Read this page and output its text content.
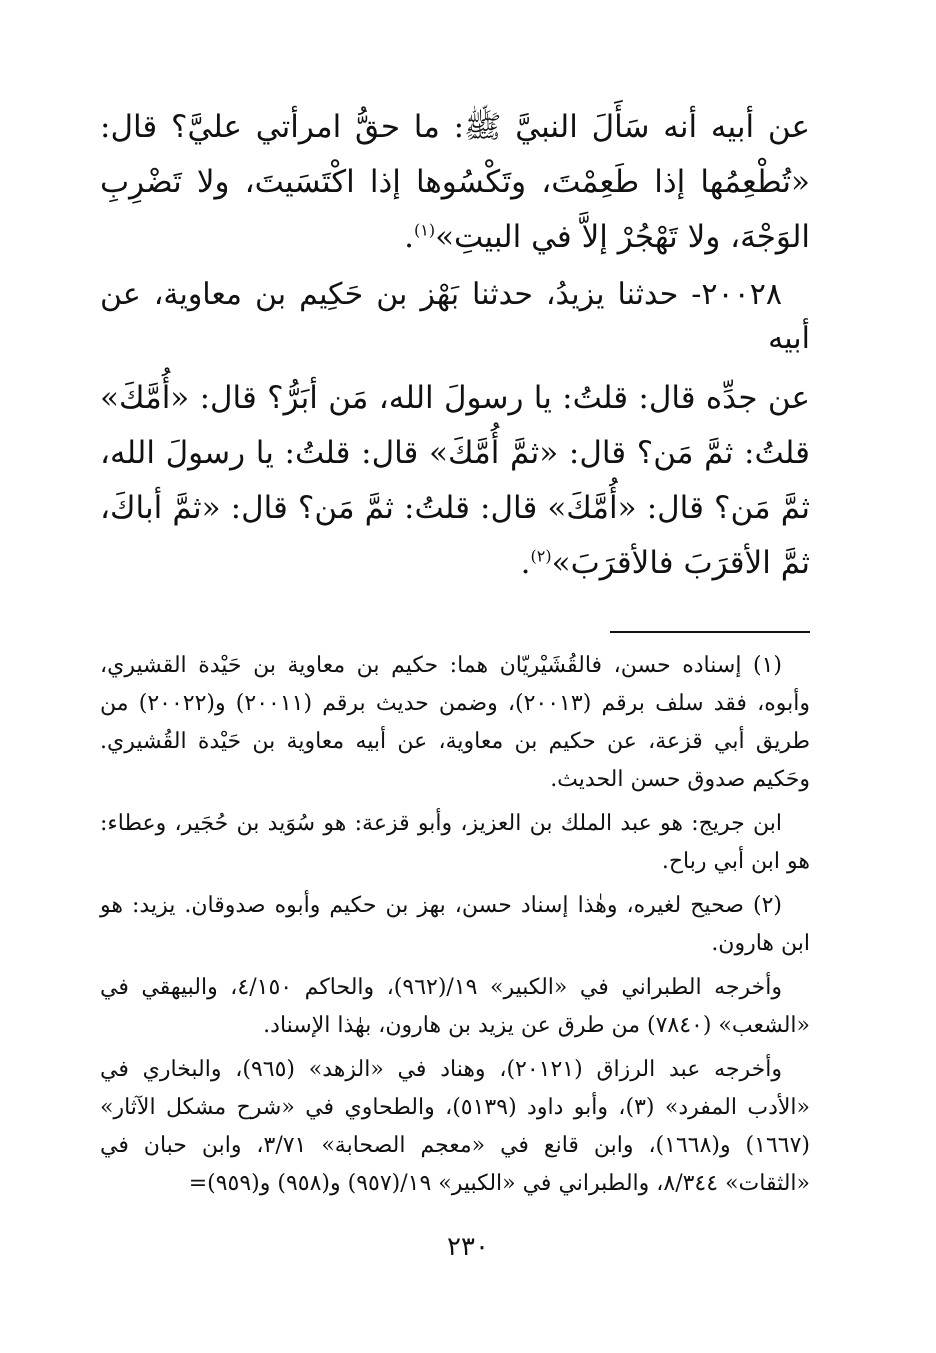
عن أبيه أنه سَأَلَ النبيَّ ﷺ: ما حقُّ امرأتي عليَّ؟ قال: «تُطْعِمُها إذا طَعِمْتَ، وتَكْسُوها إذا اكْتَسَيتَ، ولا تَضْرِبِ الوَجْهَ، ولا تَهْجُرْ إلاَّ في البيتِ»$^{(١)}$.

٢٠٠٢٨- حدثنا يزيدُ، حدثنا بَهْز بن حَكِيم بن معاوية، عن أبيه

عن جدِّه قال: قلتُ: يا رسولَ الله، مَن أبَرُّ؟ قال: «أُمَّكَ» قلتُ: ثمَّ مَن؟ قال: «ثمَّ أُمَّكَ» قال: قلتُ: يا رسولَ الله، ثمَّ مَن؟ قال: «أُمَّكَ» قال: قلتُ: ثمَّ مَن؟ قال: «ثمَّ أباكَ، ثمَّ الأقرَبَ فالأقرَبَ»$^{(٢)}$.

(١) إسناده حسن، فالقُشَيْريّان هما: حكيم بن معاوية بن حَيْدة القشيري، وأبوه، فقد سلف برقم (٢٠٠١٣)، وضمن حديث برقم (٢٠٠١١) و(٢٠٠٢٢) من طريق أبي قزعة، عن حكيم بن معاوية، عن أبيه معاوية بن حَيْدة القُشيري. وحَكيم صدوق حسن الحديث.

ابن جريج: هو عبد الملك بن العزيز، وأبو قزعة: هو سُوَيد بن حُجَير، وعطاء: هو ابن أبي رباح.

(٢) صحيح لغيره، وهٰذا إسناد حسن، بهز بن حكيم وأبوه صدوقان. يزيد: هو ابن هارون.

وأخرجه الطبراني في «الكبير» ١٩/(٩٦٢)، والحاكم ٤/١٥٠، والبيهقي في «الشعب» (٧٨٤٠) من طرق عن يزيد بن هارون، بهٰذا الإسناد.

وأخرجه عبد الرزاق (٢٠١٢١)، وهناد في «الزهد» (٩٦٥)، والبخاري في «الأدب المفرد» (٣)، وأبو داود (٥١٣٩)، والطحاوي في «شرح مشكل الآثار» (١٦٦٧) و(١٦٦٨)، وابن قانع في «معجم الصحابة» ٣/٧١، وابن حبان في «الثقات» ٨/٣٤٤، والطبراني في «الكبير» ١٩/(٩٥٧) و(٩٥٨) و(٩٥٩)=

٢٣٠
